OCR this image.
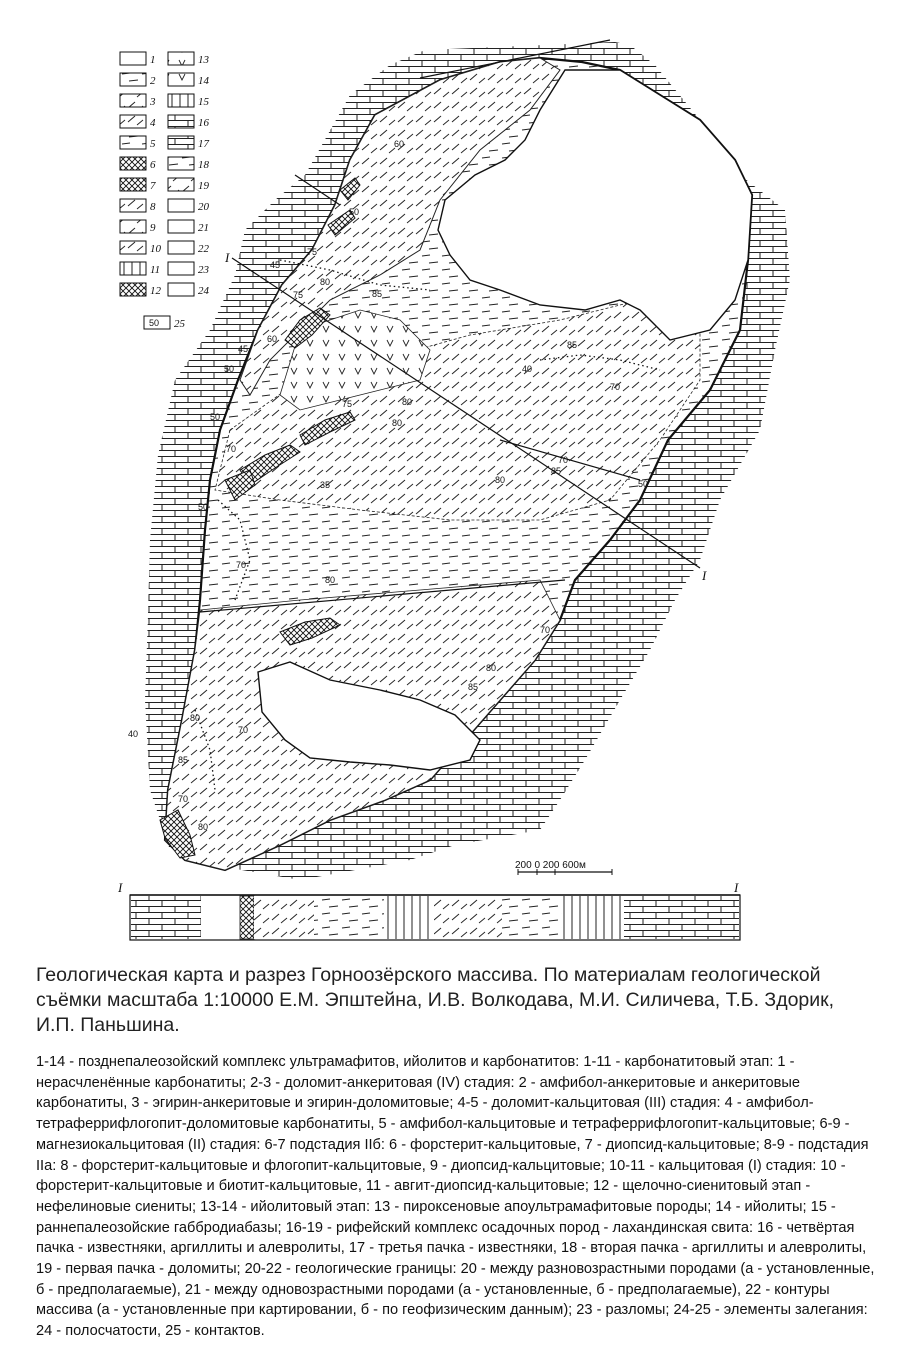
60
50
75
80
45
75	85
60
45
50
50
70
75
80
35
50
70
80
80
85
70
50
70
70
80
85
40
80
70
85
70
80
40
85
80
1
2
3
4
5
6
7
8
9
10
11
12
13
14
15
16
17
18
19
20
21
22
23
24
50 25
200 0 200 600м
I
I
I	I
Геологическая карта и разрез Горноозёрского массива. По материалам геологической съёмки масштаба 1:10000 Е.М. Эпштейна, И.В. Волкодава, М.И. Силичева, Т.Б. Здорик, И.П. Паньшина.

1-14 - позднепалеозойский комплекс ультрамафитов, ийолитов и карбонатитов: 1-11 - карбонатитовый этап: 1 - нерасчленённые карбонатиты; 2-3 - доломит-анкеритовая (IV) стадия: 2 - амфибол-анкеритовые и анкеритовые карбонатиты, 3 - эгирин-анкеритовые и эгирин-доломитовые; 4-5 - доломит-кальцитовая (III) стадия: 4 - амфибол-тетраферрифлогопит-доломитовые карбонатиты, 5 - амфибол-кальцитовые и тетраферрифлогопит-кальцитовые; 6-9 - магнезиокальцитовая (II) стадия: 6-7 подстадия IIб: 6 - форстерит-кальцитовые, 7 - диопсид-кальцитовые; 8-9 - подстадия IIа: 8 - форстерит-кальцитовые и флогопит-кальцитовые, 9 - диопсид-кальцитовые; 10-11 - кальцитовая (I) стадия: 10 - форстерит-кальцитовые и биотит-кальцитовые, 11 - авгит-диопсид-кальцитовые; 12 - щелочно-сиенитовый этап - нефелиновые сиениты; 13-14 - ийолитовый этап: 13 - пироксеновые апоультрамафитовые породы; 14 - ийолиты; 15 - раннепалеозойские габбродиабазы; 16-19 - рифейский комплекс осадочных пород - лахандинская свита: 16 - четвёртая пачка - известняки, аргиллиты и алевролиты, 17 - третья пачка - известняки, 18 - вторая пачка - аргиллиты и алевролиты, 19 - первая пачка - доломиты; 20-22 - геологические границы: 20 - между разновозрастными породами (а - установленные, б - предполагаемые), 21 - между одновозрастными породами (а - установленные, б - предполагаемые), 22 - контуры массива (а - установленные при картировании, б - по геофизическим данным); 23 - разломы; 24-25 - элементы залегания: 24 - полосчатости, 25 - контактов.
